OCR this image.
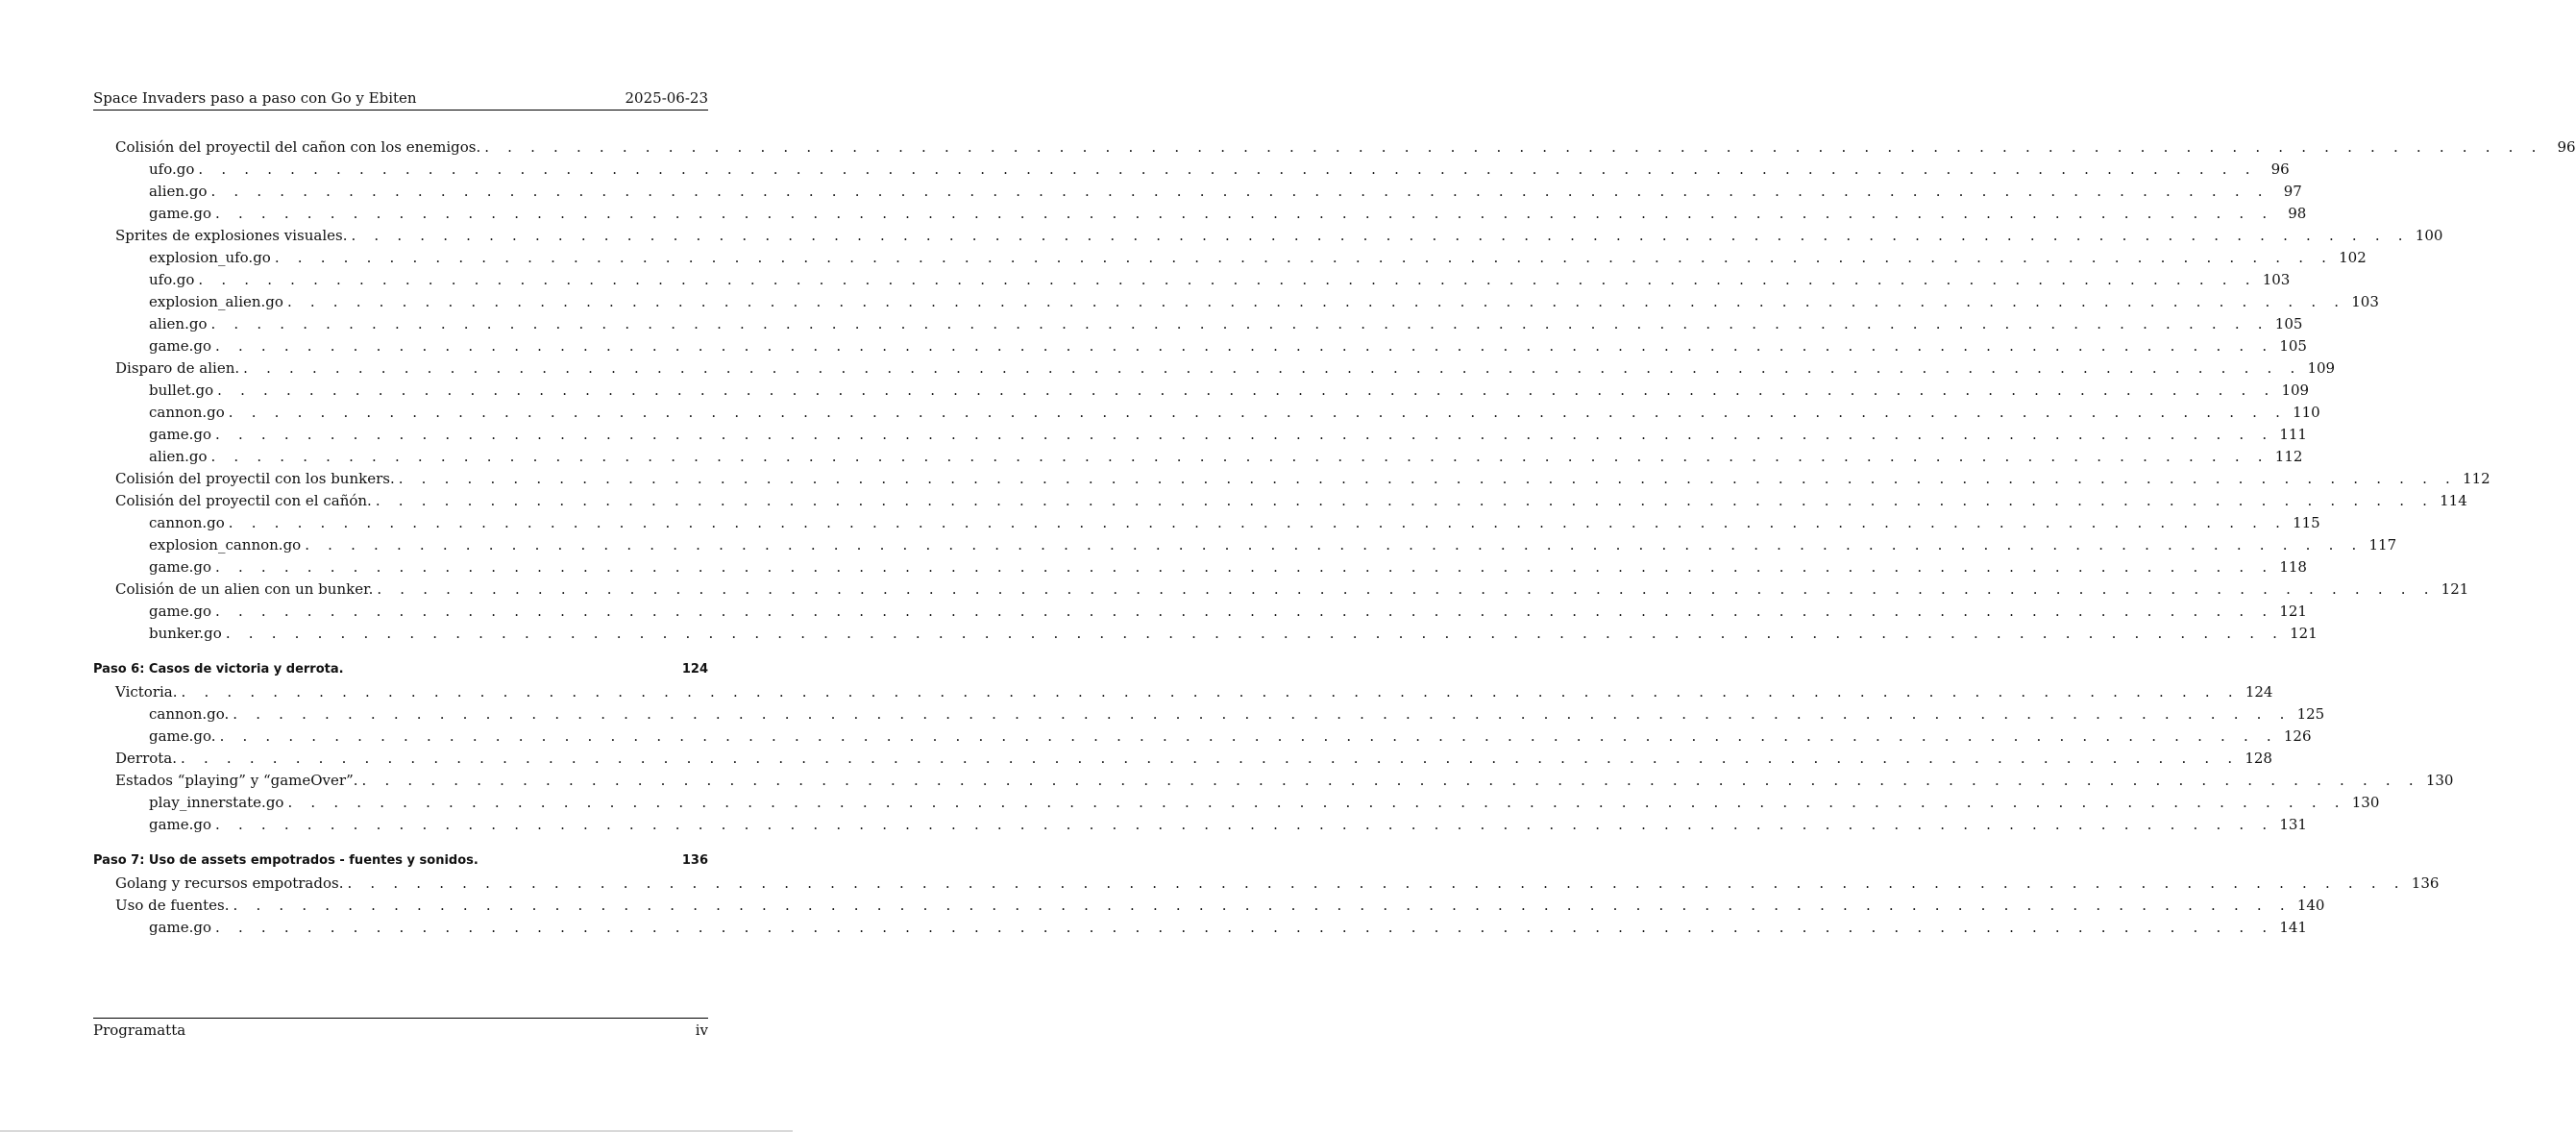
Space Invaders paso a paso con Go y Ebiten	2025-06-23
Colisión del proyectil del cañon con los enemigos. . . . . . . . . . . . . . . . . . . . . . . . . . . . . . . . . . . . . . . . . . . . . . . . . . . . . . . . . . . . . . . . . . . . . . . . . . . . . . . . . . . . . . . . . . . 96
ufo.go . . . . . . . . . . . . . . . . . . . . . . . . . . . . . . . . . . . . . . . . . . . . . . . . . . . . . . . . . . . . . . . . . . . . . . . . . . . . . . . . . . . . . . . . . . 96
alien.go . . . . . . . . . . . . . . . . . . . . . . . . . . . . . . . . . . . . . . . . . . . . . . . . . . . . . . . . . . . . . . . . . . . . . . . . . . . . . . . . . . . . . . . . . . 97
game.go . . . . . . . . . . . . . . . . . . . . . . . . . . . . . . . . . . . . . . . . . . . . . . . . . . . . . . . . . . . . . . . . . . . . . . . . . . . . . . . . . . . . . . . . . . 98
Sprites de explosiones visuales. . . . . . . . . . . . . . . . . . . . . . . . . . . . . . . . . . . . . . . . . . . . . . . . . . . . . . . . . . . . . . . . . . . . . . . . . . . . . . . . . . . . . . . . . . . 100
explosion_ufo.go . . . . . . . . . . . . . . . . . . . . . . . . . . . . . . . . . . . . . . . . . . . . . . . . . . . . . . . . . . . . . . . . . . . . . . . . . . . . . . . . . . . . . . . . . . 102
ufo.go . . . . . . . . . . . . . . . . . . . . . . . . . . . . . . . . . . . . . . . . . . . . . . . . . . . . . . . . . . . . . . . . . . . . . . . . . . . . . . . . . . . . . . . . . . 103
explosion_alien.go . . . . . . . . . . . . . . . . . . . . . . . . . . . . . . . . . . . . . . . . . . . . . . . . . . . . . . . . . . . . . . . . . . . . . . . . . . . . . . . . . . . . . . . . . . 103
alien.go . . . . . . . . . . . . . . . . . . . . . . . . . . . . . . . . . . . . . . . . . . . . . . . . . . . . . . . . . . . . . . . . . . . . . . . . . . . . . . . . . . . . . . . . . . 105
game.go . . . . . . . . . . . . . . . . . . . . . . . . . . . . . . . . . . . . . . . . . . . . . . . . . . . . . . . . . . . . . . . . . . . . . . . . . . . . . . . . . . . . . . . . . . 105
Disparo de alien. . . . . . . . . . . . . . . . . . . . . . . . . . . . . . . . . . . . . . . . . . . . . . . . . . . . . . . . . . . . . . . . . . . . . . . . . . . . . . . . . . . . . . . . . . . 109
bullet.go . . . . . . . . . . . . . . . . . . . . . . . . . . . . . . . . . . . . . . . . . . . . . . . . . . . . . . . . . . . . . . . . . . . . . . . . . . . . . . . . . . . . . . . . . . 109
cannon.go . . . . . . . . . . . . . . . . . . . . . . . . . . . . . . . . . . . . . . . . . . . . . . . . . . . . . . . . . . . . . . . . . . . . . . . . . . . . . . . . . . . . . . . . . . 110
game.go . . . . . . . . . . . . . . . . . . . . . . . . . . . . . . . . . . . . . . . . . . . . . . . . . . . . . . . . . . . . . . . . . . . . . . . . . . . . . . . . . . . . . . . . . . 111
alien.go . . . . . . . . . . . . . . . . . . . . . . . . . . . . . . . . . . . . . . . . . . . . . . . . . . . . . . . . . . . . . . . . . . . . . . . . . . . . . . . . . . . . . . . . . . 112
Colisión del proyectil con los bunkers. . . . . . . . . . . . . . . . . . . . . . . . . . . . . . . . . . . . . . . . . . . . . . . . . . . . . . . . . . . . . . . . . . . . . . . . . . . . . . . . . . . . . . . . . . . 112
Colisión del proyectil con el cañón. . . . . . . . . . . . . . . . . . . . . . . . . . . . . . . . . . . . . . . . . . . . . . . . . . . . . . . . . . . . . . . . . . . . . . . . . . . . . . . . . . . . . . . . . . . 114
cannon.go . . . . . . . . . . . . . . . . . . . . . . . . . . . . . . . . . . . . . . . . . . . . . . . . . . . . . . . . . . . . . . . . . . . . . . . . . . . . . . . . . . . . . . . . . . 115
explosion_cannon.go . . . . . . . . . . . . . . . . . . . . . . . . . . . . . . . . . . . . . . . . . . . . . . . . . . . . . . . . . . . . . . . . . . . . . . . . . . . . . . . . . . . . . . . . . . 117
game.go . . . . . . . . . . . . . . . . . . . . . . . . . . . . . . . . . . . . . . . . . . . . . . . . . . . . . . . . . . . . . . . . . . . . . . . . . . . . . . . . . . . . . . . . . . 118
Colisión de un alien con un bunker. . . . . . . . . . . . . . . . . . . . . . . . . . . . . . . . . . . . . . . . . . . . . . . . . . . . . . . . . . . . . . . . . . . . . . . . . . . . . . . . . . . . . . . . . . . 121
game.go . . . . . . . . . . . . . . . . . . . . . . . . . . . . . . . . . . . . . . . . . . . . . . . . . . . . . . . . . . . . . . . . . . . . . . . . . . . . . . . . . . . . . . . . . . 121
bunker.go . . . . . . . . . . . . . . . . . . . . . . . . . . . . . . . . . . . . . . . . . . . . . . . . . . . . . . . . . . . . . . . . . . . . . . . . . . . . . . . . . . . . . . . . . . 121
Paso 6: Casos de victoria y derrota.	124
Victoria. . . . . . . . . . . . . . . . . . . . . . . . . . . . . . . . . . . . . . . . . . . . . . . . . . . . . . . . . . . . . . . . . . . . . . . . . . . . . . . . . . . . . . . . . . . 124
cannon.go. . . . . . . . . . . . . . . . . . . . . . . . . . . . . . . . . . . . . . . . . . . . . . . . . . . . . . . . . . . . . . . . . . . . . . . . . . . . . . . . . . . . . . . . . . . 125
game.go. . . . . . . . . . . . . . . . . . . . . . . . . . . . . . . . . . . . . . . . . . . . . . . . . . . . . . . . . . . . . . . . . . . . . . . . . . . . . . . . . . . . . . . . . . . 126
Derrota. . . . . . . . . . . . . . . . . . . . . . . . . . . . . . . . . . . . . . . . . . . . . . . . . . . . . . . . . . . . . . . . . . . . . . . . . . . . . . . . . . . . . . . . . . . 128
Estados “playing” y “gameOver”. . . . . . . . . . . . . . . . . . . . . . . . . . . . . . . . . . . . . . . . . . . . . . . . . . . . . . . . . . . . . . . . . . . . . . . . . . . . . . . . . . . . . . . . . . . 130
play_innerstate.go . . . . . . . . . . . . . . . . . . . . . . . . . . . . . . . . . . . . . . . . . . . . . . . . . . . . . . . . . . . . . . . . . . . . . . . . . . . . . . . . . . . . . . . . . . 130
game.go . . . . . . . . . . . . . . . . . . . . . . . . . . . . . . . . . . . . . . . . . . . . . . . . . . . . . . . . . . . . . . . . . . . . . . . . . . . . . . . . . . . . . . . . . . 131
Paso 7: Uso de assets empotrados - fuentes y sonidos.	136
Golang y recursos empotrados. . . . . . . . . . . . . . . . . . . . . . . . . . . . . . . . . . . . . . . . . . . . . . . . . . . . . . . . . . . . . . . . . . . . . . . . . . . . . . . . . . . . . . . . . . . 136
Uso de fuentes. . . . . . . . . . . . . . . . . . . . . . . . . . . . . . . . . . . . . . . . . . . . . . . . . . . . . . . . . . . . . . . . . . . . . . . . . . . . . . . . . . . . . . . . . . . 140
game.go . . . . . . . . . . . . . . . . . . . . . . . . . . . . . . . . . . . . . . . . . . . . . . . . . . . . . . . . . . . . . . . . . . . . . . . . . . . . . . . . . . . . . . . . . . 141
Programatta	iv
